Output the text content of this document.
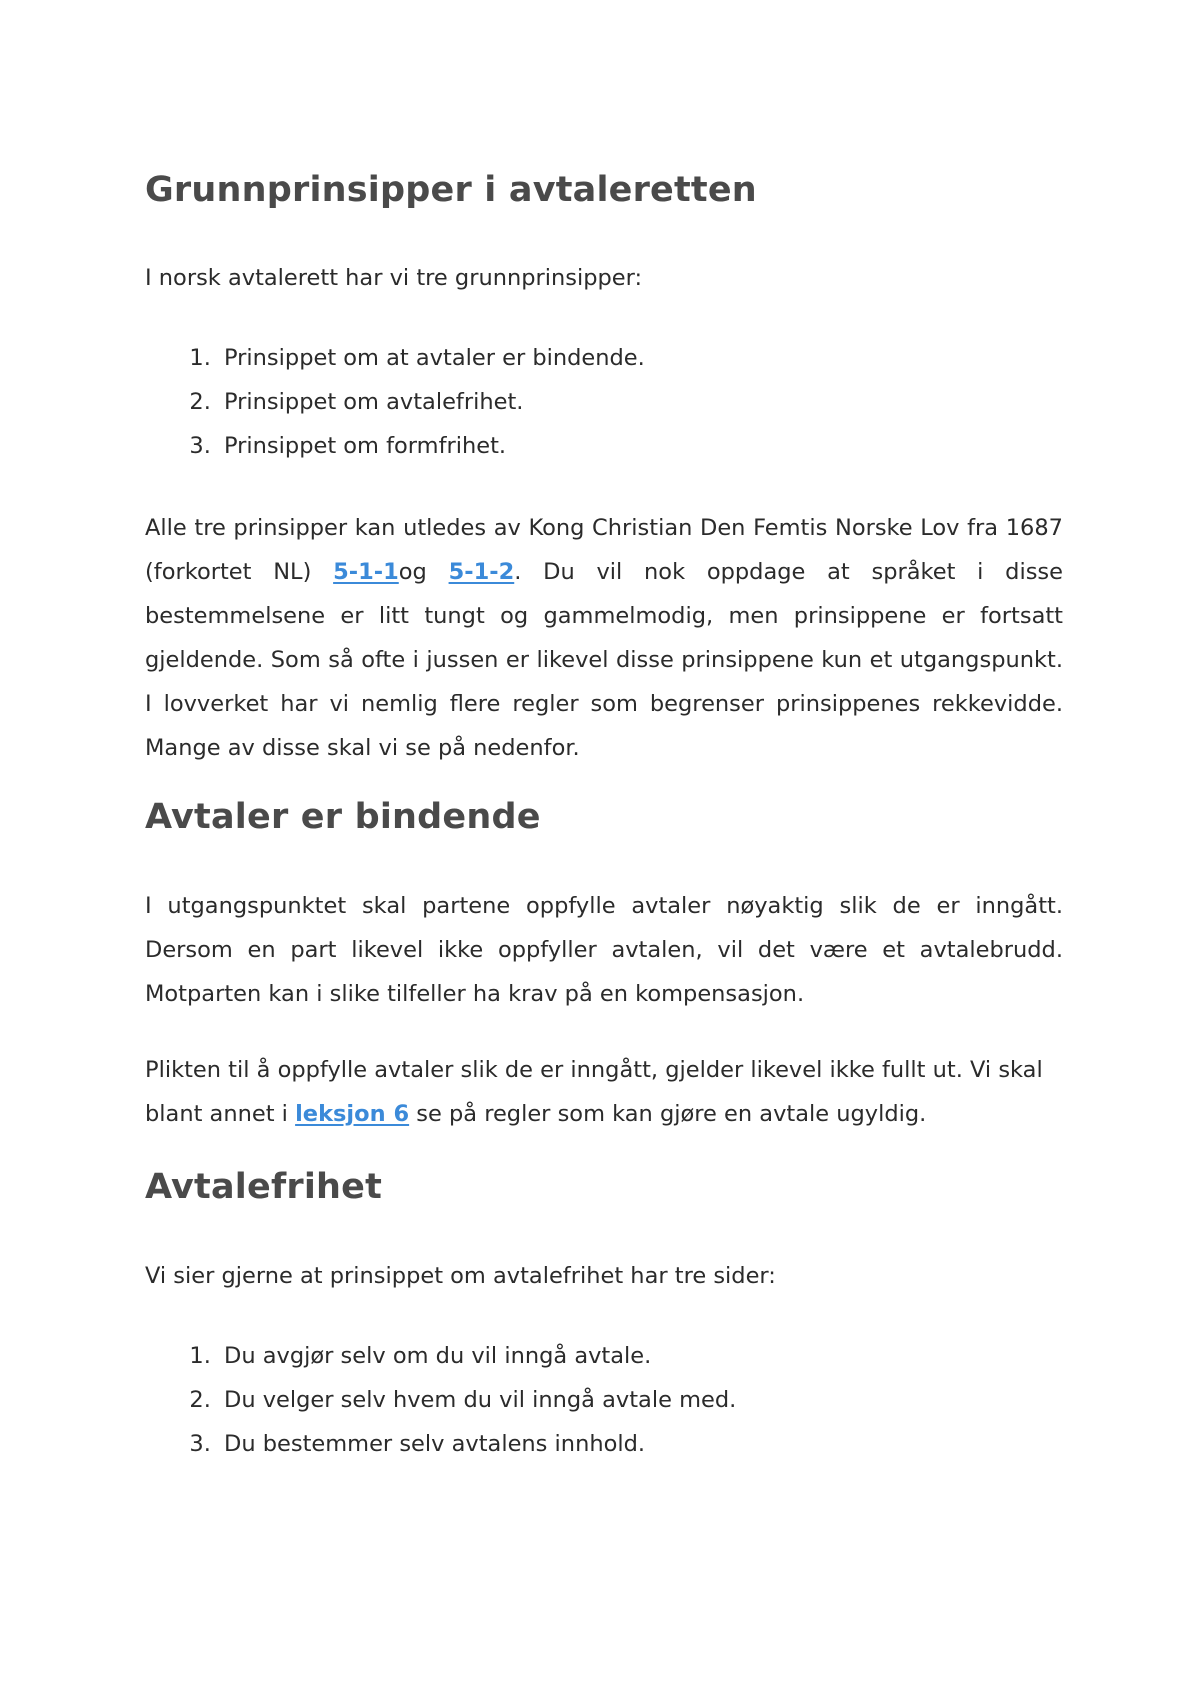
Grunnprinsipper i avtaleretten

I norsk avtalerett har vi tre grunnprinsipper:

1. Prinsippet om at avtaler er bindende.
2. Prinsippet om avtalefrihet.
3. Prinsippet om formfrihet.

Alle tre prinsipper kan utledes av Kong Christian Den Femtis Norske Lov fra 1687 (forkortet NL) 5-1-1og 5-1-2. Du vil nok oppdage at språket i disse bestemmelsene er litt tungt og gammelmodig, men prinsippene er fortsatt gjeldende. Som så ofte i jussen er likevel disse prinsippene kun et utgangspunkt. I lovverket har vi nemlig flere regler som begrenser prinsippenes rekkevidde. Mange av disse skal vi se på nedenfor.

Avtaler er bindende

I utgangspunktet skal partene oppfylle avtaler nøyaktig slik de er inngått. Dersom en part likevel ikke oppfyller avtalen, vil det være et avtalebrudd. Motparten kan i slike tilfeller ha krav på en kompensasjon.

Plikten til å oppfylle avtaler slik de er inngått, gjelder likevel ikke fullt ut. Vi skal blant annet i leksjon 6 se på regler som kan gjøre en avtale ugyldig.

Avtalefrihet

Vi sier gjerne at prinsippet om avtalefrihet har tre sider:

1. Du avgjør selv om du vil inngå avtale.
2. Du velger selv hvem du vil inngå avtale med.
3. Du bestemmer selv avtalens innhold.
